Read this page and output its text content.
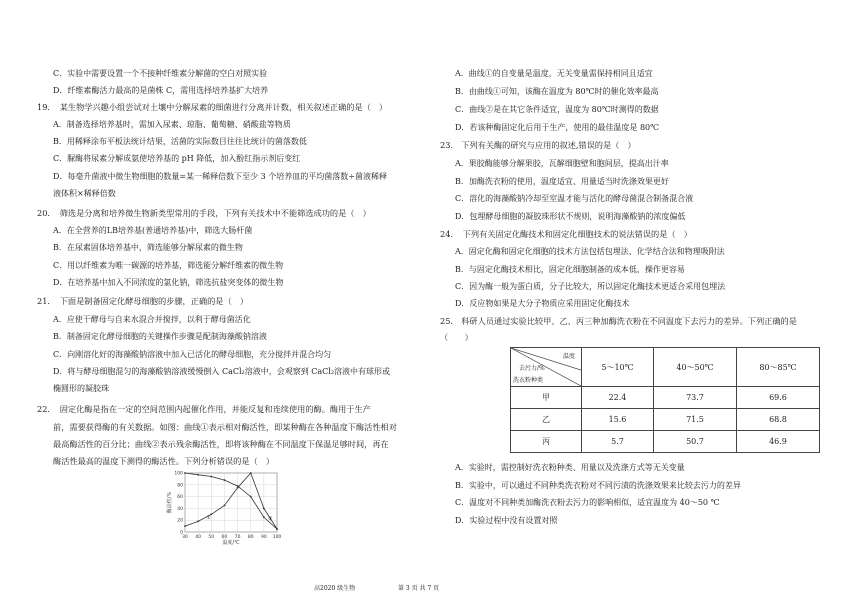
C．实验中需要设置一个不接种纤维素分解菌的空白对照实验
D．纤维素酶活力最高的是菌株 C，需用选择培养基扩大培养
19．　某生物学兴趣小组尝试对土壤中分解尿素的细菌进行分离并计数，相关叙述正确的是（　）
A．制备选择培养基时，需加入尿素、琼脂、葡萄糖、硝酸盐等物质
B．用稀释涂布平板法统计结果，活菌的实际数目往往比统计的菌落数低
C．脲酶将尿素分解成氨使培养基的 pH 降低，加入酚红指示剂后变红
D．每毫升菌液中微生物细胞的数量=某一稀释倍数下至少 3 个培养皿的平均菌落数÷菌液稀释
液体积×稀释倍数
20．　筛选是分离和培养微生物新类型常用的手段，下列有关技术中不能筛选成功的是（　）
A．在全营养的LB培养基(普通培养基)中，筛选大肠杆菌
B．在尿素固体培养基中，筛选能够分解尿素的微生物
C．用以纤维素为唯一碳源的培养基，筛选能分解纤维素的微生物
D．在培养基中加入不同浓度的氯化钠，筛选抗盐突变体的微生物
21．　下面是制备固定化酵母细胞的步骤，正确的是（　）
A．应使干酵母与自来水混合并搅拌，以利于酵母菌活化
B．制备固定化酵母细胞的关键操作步骤是配制海藻酸钠溶液
C．向刚溶化好的海藻酸钠溶液中加入已活化的酵母细胞，充分搅拌并混合均匀
D．将与酵母细胞混匀的海藻酸钠溶液缓慢倒入 CaCl₂溶液中，会观察到 CaCl₂溶液中有球形或
椭圆形的凝胶珠
22．　固定化酶是指在一定的空间范围内起催化作用，并能反复和连续使用的酶。酶用于生产
前，需要获得酶的有关数据。如图：曲线①表示相对酶活性，即某种酶在各种温度下酶活性相对
最高酶活性的百分比；曲线②表示残余酶活性，即将该种酶在不同温度下保温足够时间，再在
酶活性最高的温度下测得的酶活性。下列分析错误的是（　）
0
20
40
60
80
100
30 40 50 60 70 80 90 100
温度/℃
酶活性/%
①	②
A．曲线①的自变量是温度，无关变量需保持相同且适宜
B．由曲线①可知，该酶在温度为 80℃时的催化效率最高
C．曲线②是在其它条件适宜，温度为 80℃时测得的数据
D．若该种酶固定化后用于生产，使用的最佳温度是 80℃
23.　下列有关酶的研究与应用的叙述,错误的是（　）
A．果胶酶能够分解果胶，瓦解细胞壁和胞间层，提高出汁率
B．加酶洗衣粉的使用，温度适宜、用量适当时洗涤效果更好
C．溶化的海藻酸钠冷却至室温才能与活化的酵母菌混合制备混合液
D．包埋酵母细胞的凝胶珠形状不规则，说明海藻酸钠的浓度偏低
24．　下列有关固定化酶技术和固定化细胞技术的说法错误的是（　）
A．固定化酶和固定化细胞的技术方法包括包埋法、化学结合法和物理吸附法
B．与固定化酶技术相比，固定化细胞制备的成本低，操作更容易
C．因为酶一般为蛋白质，分子比较大，所以固定化酶技术更适合采用包埋法
D．反应物如果是大分子物质应采用固定化酶技术
25.　科研人员通过实验比较甲、乙、丙三种加酶洗衣粉在不同温度下去污力的差异。下列正确的是
（　　）
温度
去污力/%
洗衣粉种类	5～10℃	40～50℃	80～85℃
甲	22.4	73.7	69.6
乙	15.6	71.5	68.8
丙	5.7	50.7	46.9
A．实验时，需控制好洗衣粉种类、用量以及洗涤方式等无关变量
B．实验中，可以通过不同种类洗衣粉对不同污渍的洗涤效果来比较去污力的差异
C．温度对不同种类加酶洗衣粉去污力的影响相似，适宜温度为 40～50 ℃
D．实验过程中没有设置对照
高2020 级生物	第 3 页 共 7 页
